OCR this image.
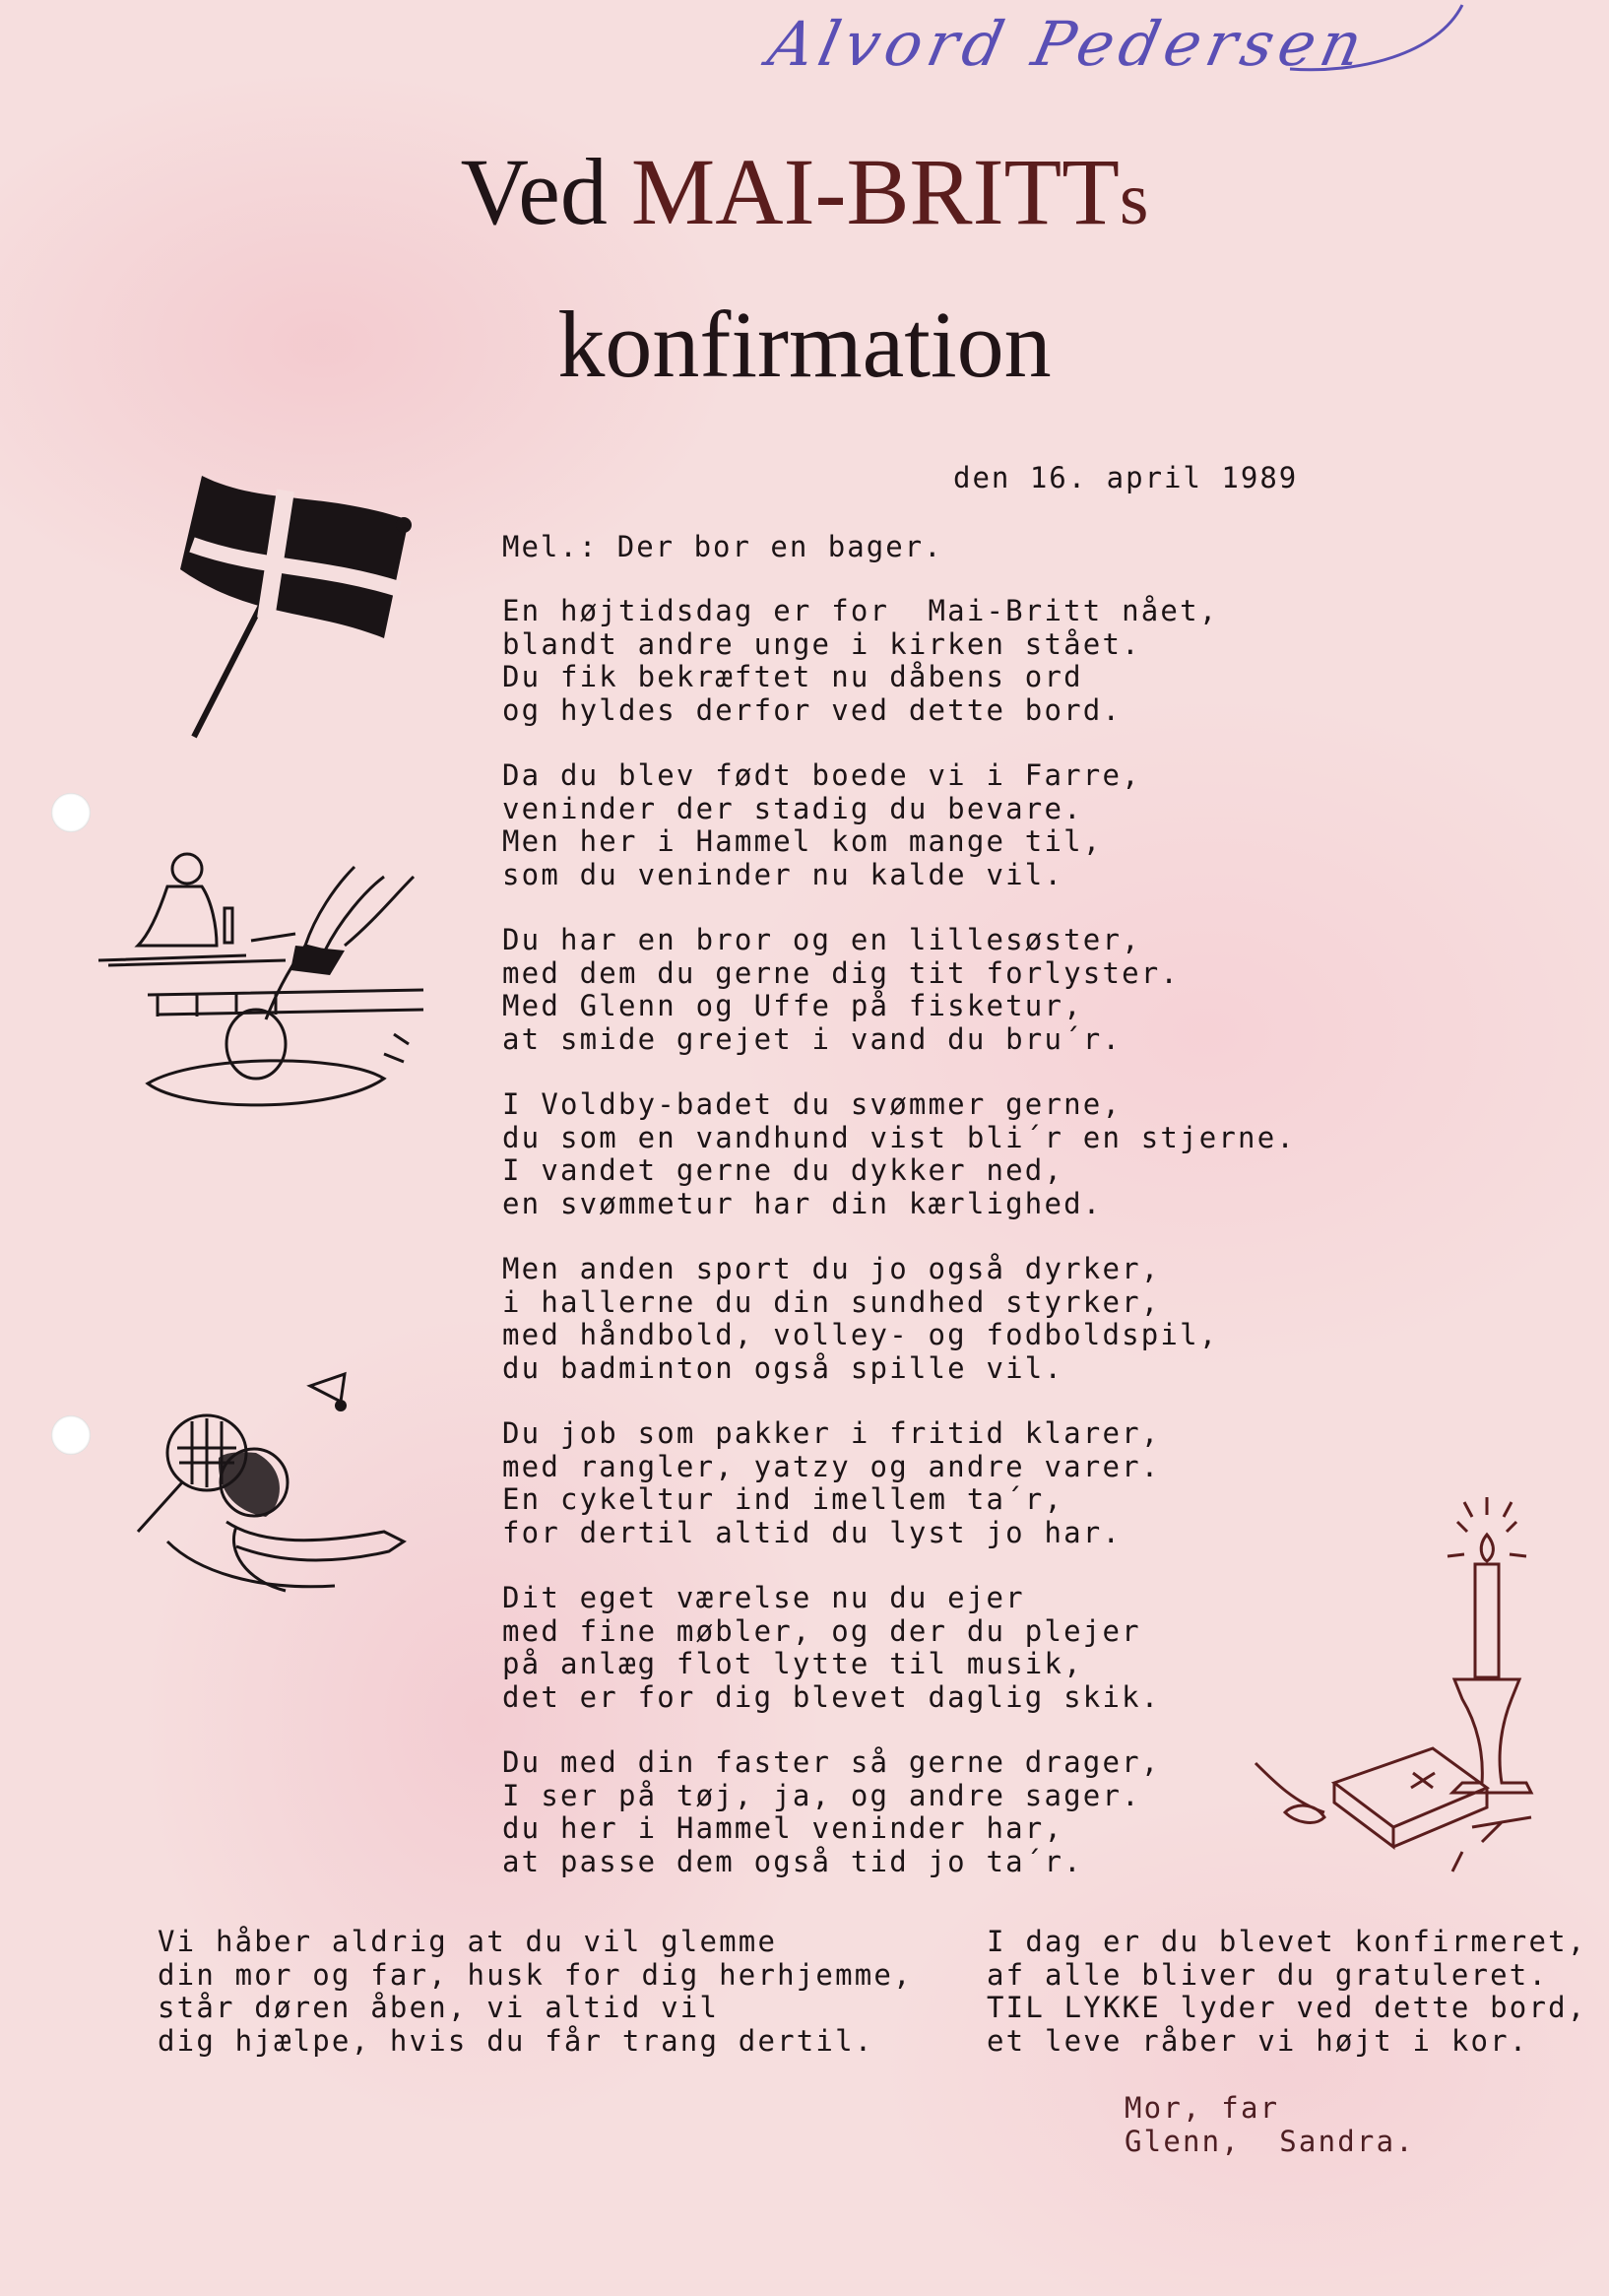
Alvord Pedersen
Ved MAI-BRITTs
konfirmation
den 16. april 1989
Mel.: Der bor en bager.
En højtidsdag er for  Mai-Britt nået,
blandt andre unge i kirken stået.
Du fik bekræftet nu dåbens ord
og hyldes derfor ved dette bord.
Da du blev født boede vi i Farre,
veninder der stadig du bevare.
Men her i Hammel kom mange til,
som du veninder nu kalde vil.
Du har en bror og en lillesøster,
med dem du gerne dig tit forlyster.
Med Glenn og Uffe på fisketur,
at smide grejet i vand du bru´r.
I Voldby-badet du svømmer gerne,
du som en vandhund vist bli´r en stjerne.
I vandet gerne du dykker ned,
en svømmetur har din kærlighed.
Men anden sport du jo også dyrker,
i hallerne du din sundhed styrker,
med håndbold, volley- og fodboldspil,
du badminton også spille vil.
Du job som pakker i fritid klarer,
med rangler, yatzy og andre varer.
En cykeltur ind imellem ta´r,
for dertil altid du lyst jo har.
Dit eget værelse nu du ejer
med fine møbler, og der du plejer
på anlæg flot lytte til musik,
det er for dig blevet daglig skik.
Du med din faster så gerne drager,
I ser på tøj, ja, og andre sager.
du her i Hammel veninder har,
at passe dem også tid jo ta´r.
Vi håber aldrig at du vil glemme
din mor og far, husk for dig herhjemme,
står døren åben, vi altid vil
dig hjælpe, hvis du får trang dertil.
I dag er du blevet konfirmeret,
af alle bliver du gratuleret.
TIL LYKKE lyder ved dette bord,
et leve råber vi højt i kor.
Mor, far
Glenn,  Sandra.
